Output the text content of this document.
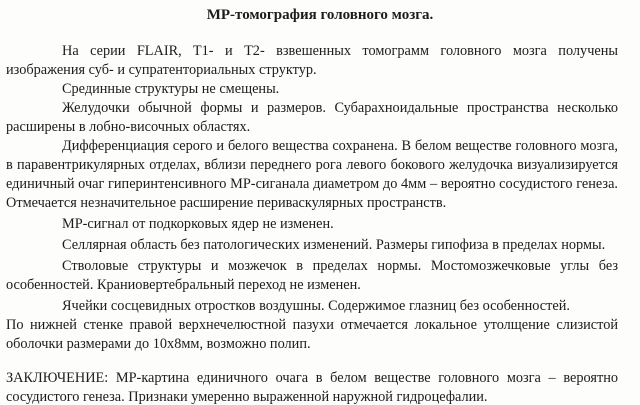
МР-томография головного мозга.

На серии FLAIR, T1- и T2- взвешенных томограмм головного мозга получены изображения суб- и супратенториальных структур.

Срединные структуры не смещены.

Желудочки обычной формы и размеров. Субарахноидальные пространства несколько расширены в лобно-височных областях.

Дифференциация серого и белого вещества сохранена. В белом веществе головного мозга, в паравентрикулярных отделах, вблизи переднего рога левого бокового желудочка визуализируется единичный очаг гиперинтенсивного МР-сиганала диаметром до 4мм – вероятно сосудистого генеза. Отмечается незначительное расширение периваскулярных пространств.

МР-сигнал от подкорковых ядер не изменен.

Селлярная область без патологических изменений. Размеры гипофиза в пределах нормы.

Стволовые структуры и мозжечок в пределах нормы. Мостомозжечковые углы без особенностей. Краниовертебральный переход не изменен.

Ячейки сосцевидных отростков воздушны. Содержимое глазниц без особенностей.

По нижней стенке правой верхнечелюстной пазухи отмечается локальное утолщение слизистой оболочки размерами до 10х8мм, возможно полип.

ЗАКЛЮЧЕНИЕ: МР-картина единичного очага в белом веществе головного мозга – вероятно сосудистого генеза. Признаки умеренно выраженной наружной гидроцефалии.
